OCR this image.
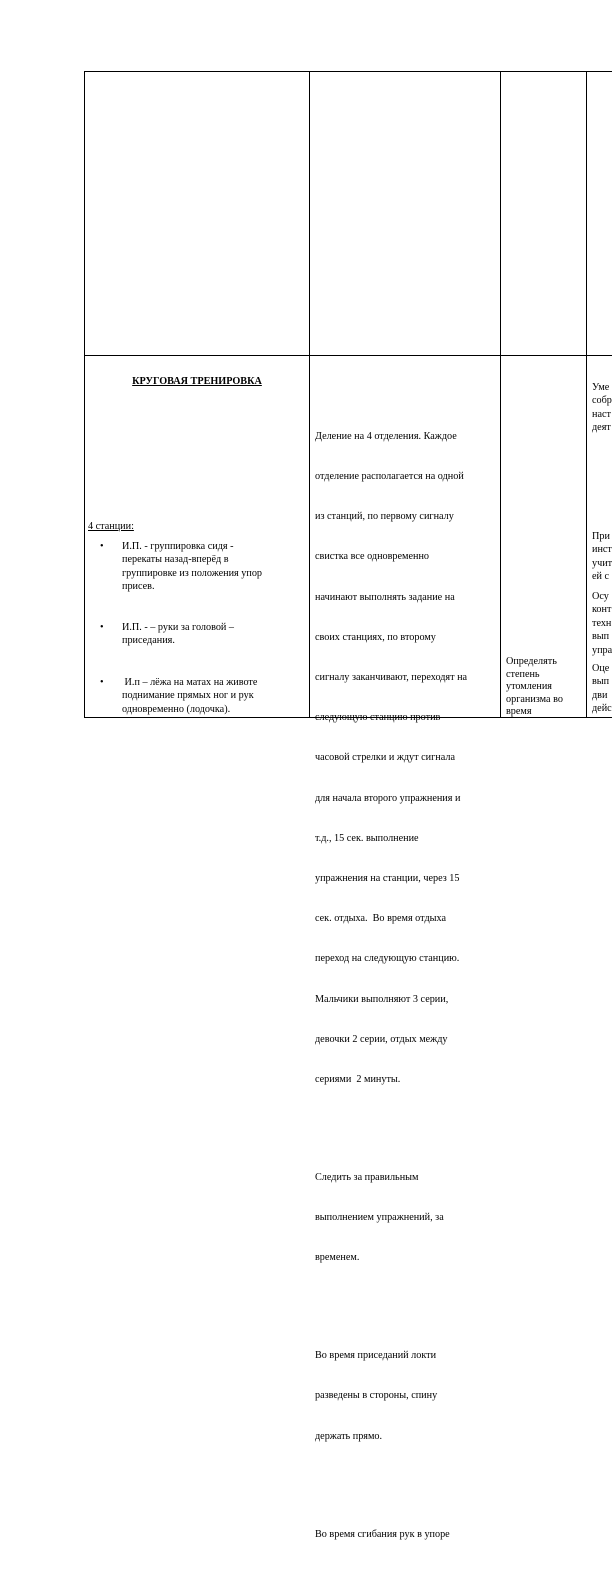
КРУГОВАЯ ТРЕНИРОВКА
4 станции:
• И.П. - группировка сидя -
перекаты назад-вперёд в
группировке из положения упор
присев.
• И.П. - – руки за головой –
приседания.
• И.п – лёжа на матах на животе
поднимание прямых ног и рук
одновременно (лодочка).

Деление на 4 отделения. Каждое

отделение располагается на одной

из станций, по первому сигналу

свистка все одновременно

начинают выполнять задание на

своих станциях, по второму

сигналу заканчивают, переходят на

следующую станцию против

часовой стрелки и ждут сигнала

для начала второго упражнения и

т.д., 15 сек. выполнение

упражнения на станции, через 15

сек. отдыха.  Во время отдыха

переход на следующую станцию.

Мальчики выполняют 3 серии,

девочки 2 серии, отдых между

сериями  2 минуты.

Следить за правильным

выполнением упражнений, за

временем.

Во время приседаний локти

разведены в стороны, спину

держать прямо.

Во время сгибания рук в упоре

Определять
степень
утомления
организма во
время
Уме
собр
наст
деят
При
инст
учит
ей с
Осу
конт
техн
вып
упра
Оце
вып
дви
дейс
